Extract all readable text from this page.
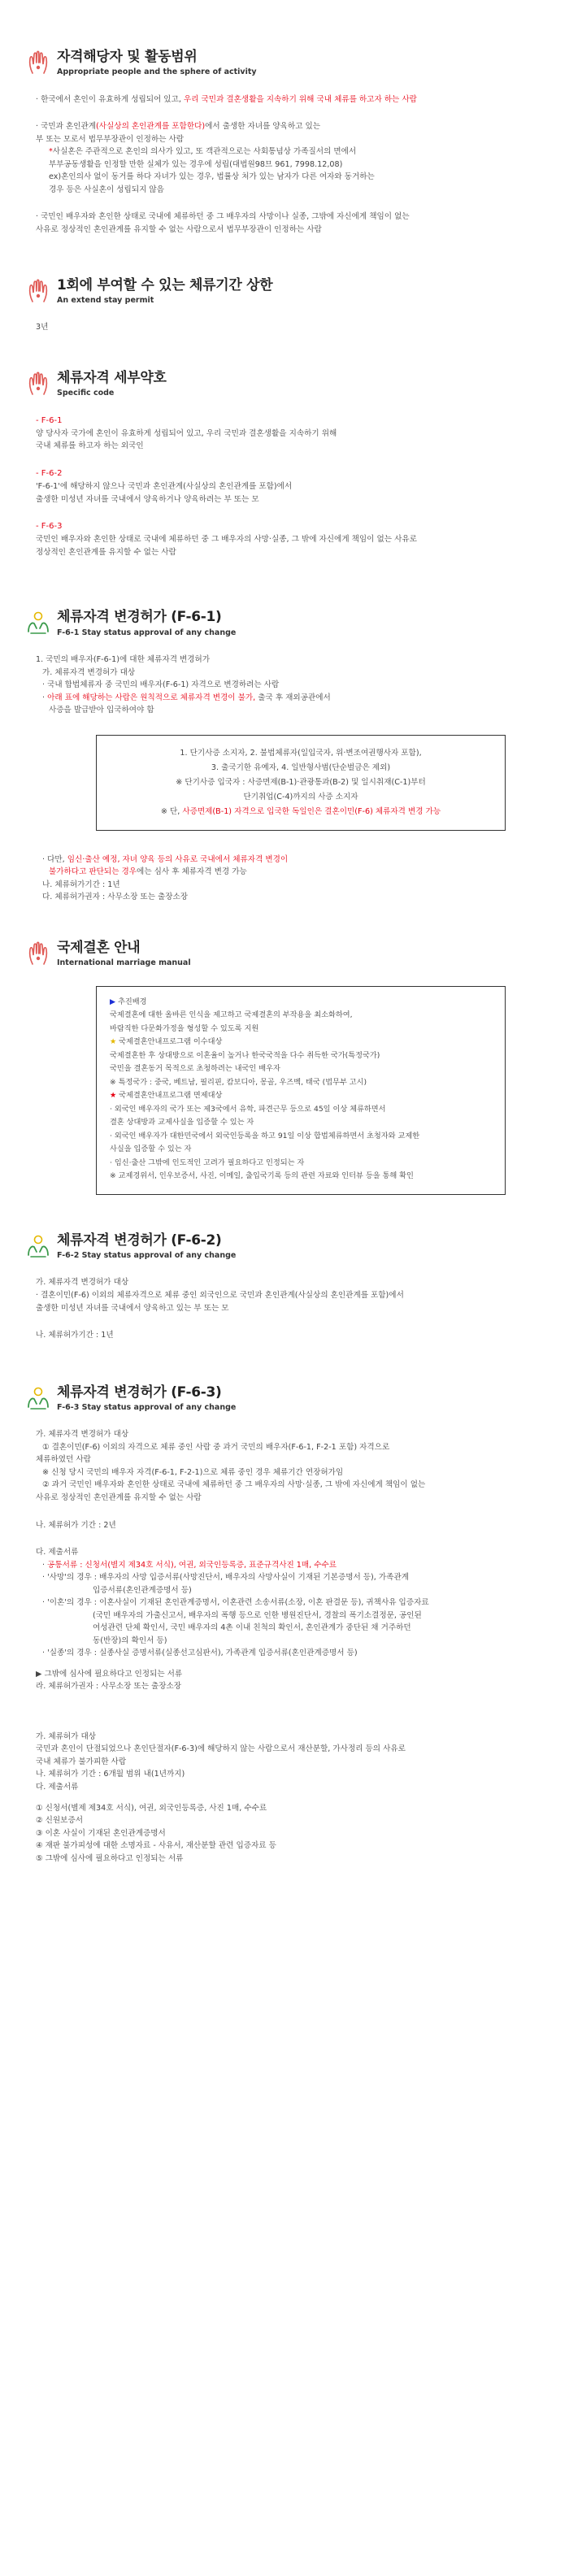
자격해당자 및 활동범위
Appropriate people and the sphere of activity
· 한국에서 혼인이 유효하게 성립되어 있고, 우리 국민과 결혼생활을 지속하기 위해 국내 체류를 하고자 하는 사람
· 국민과 혼인관계(사실상의 혼인관계를 포함한다)에서 출생한 자녀를 양육하고 있는
부 또는 모로서 법무부장관이 인정하는 사람
*사실혼은 주관적으로 혼인의 의사가 있고, 또 객관적으로는 사회통념상 가족질서의 면에서
부부공동생활을 인정할 만한 실체가 있는 경우에 성립(대법원98므 961, 7998.12,08)
ex)혼인의사 없이 동거를 하다 자녀가 있는 경우, 법률상 처가 있는 남자가 다른 여자와 동거하는
경우 등은 사실혼이 성립되지 않음
· 국민인 배우자와 혼인한 상태로 국내에 체류하던 중 그 배우자의 사망이나 실종, 그밖에 자신에게 책임이 없는
사유로 정상적인 혼인관계를 유지할 수 없는 사람으로서 법무부장관이 인정하는 사람
1회에 부여할 수 있는 체류기간 상한
An extend stay permit
3년
체류자격 세부약호
Specific code
- F-6-1
양 당사자 국가에 혼인이 유효하게 성립되어 있고, 우리 국민과 결혼생활을 지속하기 위해
국내 체류를 하고자 하는 외국인
- F-6-2
'F-6-1'에 해당하지 않으나 국민과 혼인관계(사실상의 혼인관계를 포함)에서
출생한 미성년 자녀를 국내에서 양육하거나 양육하려는 부 또는 모
- F-6-3
국민인 배우자와 혼인한 상태로 국내에 체류하던 중 그 배우자의 사망·실종, 그 밖에 자신에게 책임이 없는 사유로
정상적인 혼인관계를 유지할 수 없는 사람
체류자격 변경허가 (F-6-1)
F-6-1 Stay status approval of any change
1. 국민의 배우자(F-6-1)에 대한 체류자격 변경허가
가. 체류자격 변경허가 대상
· 국내 합법체류자 중 국민의 배우자(F-6-1) 자격으로 변경하려는 사람
· 아래 표에 해당하는 사람은 원칙적으로 체류자격 변경이 불가, 출국 후 재외공관에서
사증을 발급받아 입국하여야 함
1. 단기사증 소지자, 2. 불법체류자(일입국자, 위·변조여권행사자 포함),
3. 출국기한 유예자, 4. 일반형사범(단순벌금은 제외)
※ 단기사증 입국자 : 사증면제(B-1)·관광통과(B-2) 및 일시취재(C-1)부터
단기취업(C-4)까지의 사증 소지자
※ 단, 사증면제(B-1) 자격으로 입국한 독일인은 결혼이민(F-6) 체류자격 변경 가능
· 다만, 임신·출산 예정, 자녀 양육 등의 사유로 국내에서 체류자격 변경이
불가하다고 판단되는 경우에는 심사 후 체류자격 변경 가능
나. 체류허가기간 : 1년
다. 체류허가권자 : 사무소장 또는 출장소장
국제결혼 안내
International marriage manual
▶ 추진배경
국제결혼에 대한 올바른 인식을 제고하고 국제결혼의 부작용을 최소화하여,
바람직한 다문화가정을 형성할 수 있도록 지원
★ 국제결혼안내프로그램 이수대상
국제결혼한 후 상대방으로 이혼율이 높거나 한국국적을 다수 취득한 국가(특정국가)
국민을 결혼동거 목적으로 초청하려는 내국인 배우자
※ 특정국가 : 중국, 베트남, 필리핀, 캄보디아, 몽골, 우즈벡, 태국 (법무부 고시)
★ 국제결혼안내프로그램 면제대상
· 외국인 배우자의 국가 또는 제3국에서 유학, 파견근무 등으로 45일 이상 체류하면서
결혼 상대방과 교제사실을 입증할 수 있는 자
· 외국인 배우자가 대한민국에서 외국인등록을 하고 91일 이상 합법체류하면서 초청자와 교제한
사실을 입증할 수 있는 자
· 임신·출산 그밖에 인도적인 고려가 필요하다고 인정되는 자
※ 교제경위서, 인우보증서, 사진, 이메일, 출입국기록 등의 관련 자료와 인터뷰 등을 통해 확인
체류자격 변경허가 (F-6-2)
F-6-2 Stay status approval of any change
가. 체류자격 변경허가 대상
· 결혼이민(F-6) 이외의 체류자격으로 체류 중인 외국인으로 국민과 혼인관계(사실상의 혼인관계를 포함)에서
출생한 미성년 자녀를 국내에서 양육하고 있는 부 또는 모
나. 체류허가기간 : 1년
체류자격 변경허가 (F-6-3)
F-6-3 Stay status approval of any change
가. 체류자격 변경허가 대상
① 결혼이민(F-6) 이외의 자격으로 체류 중인 사람 중 과거 국민의 배우자(F-6-1, F-2-1 포함) 자격으로
체류하였던 사람
※ 신청 당시 국민의 배우자 자격(F-6-1, F-2-1)으로 체류 중인 경우 체류기간 연장허가임
② 과거 국민인 배우자와 혼인한 상태로 국내에 체류하던 중 그 배우자의 사망·실종, 그 밖에 자신에게 책임이 없는
사유로 정상적인 혼인관계를 유지할 수 없는 사람
나. 체류허가 기간 : 2년
다. 제출서류
· 공통서류 : 신청서(별지 제34호 서식), 여권, 외국인등록증, 표준규격사진 1매, 수수료
· '사망'의 경우 : 배우자의 사망 입증서류(사망진단서, 배우자의 사망사실이 기재된 기본증명서 등), 가족관계
입증서류(혼인관계증명서 등)
· '이혼'의 경우 : 이혼사실이 기재된 혼인관계증명서, 이혼관련 소송서류(소장, 이혼 판결문 등), 귀책사유 입증자료
(국민 배우자의 가출신고서, 배우자의 폭행 등으로 인한 병원진단서, 경찰의 폭기소결정문, 공인된
여성관련 단체 확인서, 국민 배우자의 4촌 이내 친척의 확인서, 혼인관계가 중단된 채 거주하던
동(반장)의 확인서 등)
· '실종'의 경우 : 실종사실 증명서류(실종선고심판서), 가족관계 입증서류(혼인관계증명서 등)
▶ 그밖에 심사에 필요하다고 인정되는 서류
라. 체류허가권자 : 사무소장 또는 출장소장
가. 체류허가 대상
국민과 혼인이 단절되었으나 혼인단절자(F-6-3)에 해당하지 않는 사람으로서 재산분할, 가사정리 등의 사유로
국내 체류가 불가피한 사람
나. 체류허가 기간 : 6개월 범위 내(1년까지)
다. 제출서류
① 신청서(별제 제34호 서식), 여권, 외국인등록증, 사진 1매, 수수료
② 신원보증서
③ 이혼 사실이 기재된 혼인관계증명서
④ 재판 불가피성에 대한 소명자료 - 사유서, 재산분할 관련 입증자료 등
⑤ 그밖에 심사에 필요하다고 인정되는 서류
